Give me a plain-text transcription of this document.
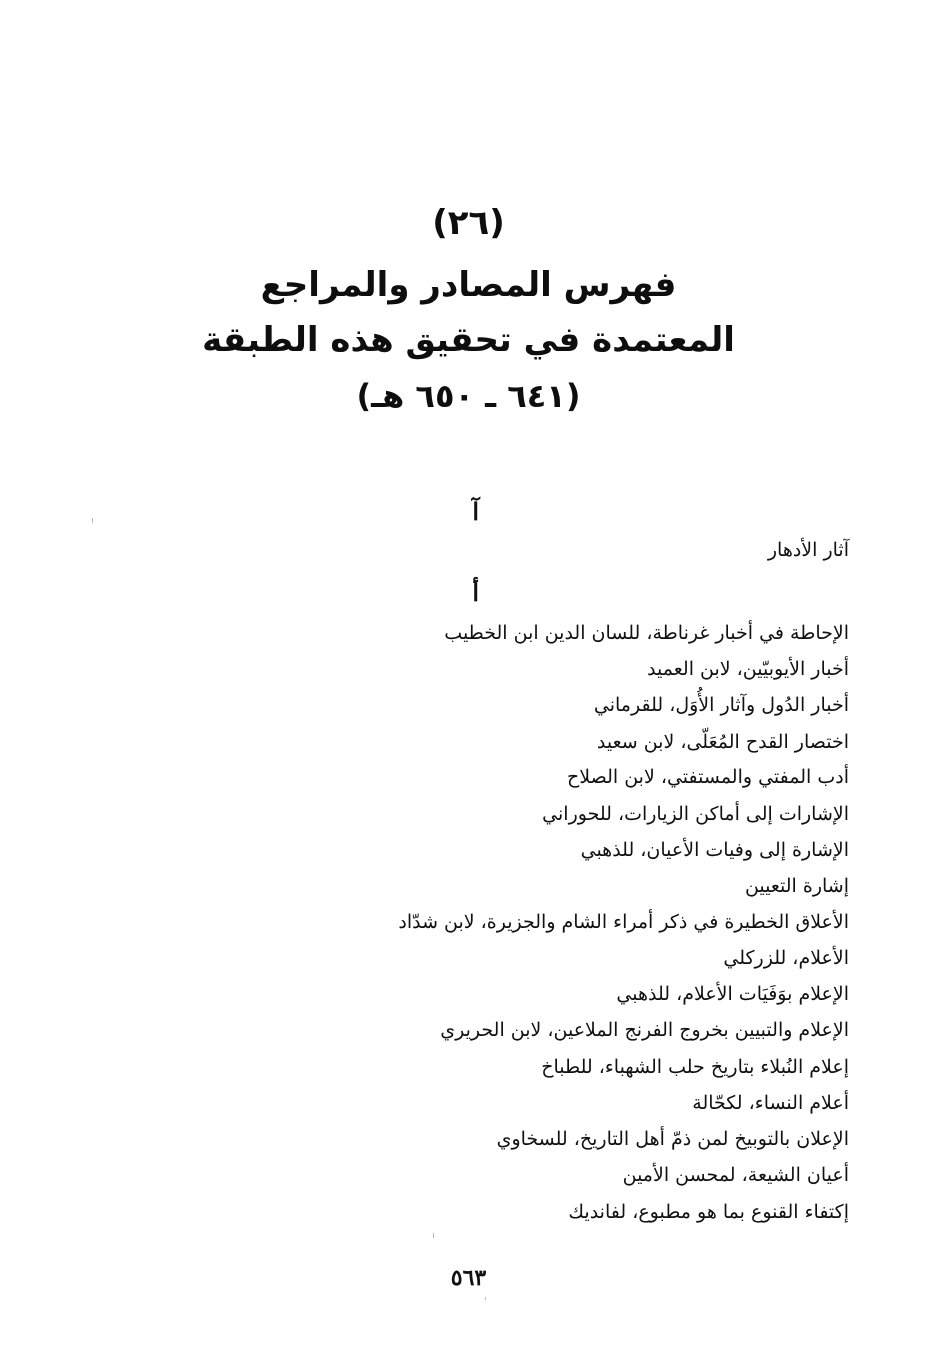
(٢٦)
فهرس المصادر والمراجع
المعتمدة في تحقيق هذه الطبقة
(٦٤١ ـ ٦٥٠ هـ)
آ
آثار الأدهار
أ
الإحاطة في أخبار غرناطة، للسان الدين ابن الخطيب
أخبار الأيوبيّين، لابن العميد
أخبار الدُول وآثار الأُوَل، للقرماني
اختصار القدح المُعَلّى، لابن سعيد
أدب المفتي والمستفتي، لابن الصلاح
الإشارات إلى أماكن الزيارات، للحوراني
الإشارة إلى وفيات الأعيان، للذهبي
إشارة التعيين
الأعلاق الخطيرة في ذكر أمراء الشام والجزيرة، لابن شدّاد
الأعلام، للزركلي
الإعلام بوَفَيَات الأعلام، للذهبي
الإعلام والتبيين بخروج الفرنج الملاعين، لابن الحريري
إعلام النُبلاء بتاريخ حلب الشهباء، للطباخ
أعلام النساء، لكحّالة
الإعلان بالتوبيخ لمن ذمّ أهل التاريخ، للسخاوي
أعيان الشيعة، لمحسن الأمين
إكتفاء القنوع بما هو مطبوع، لفانديك
٥٦٣
